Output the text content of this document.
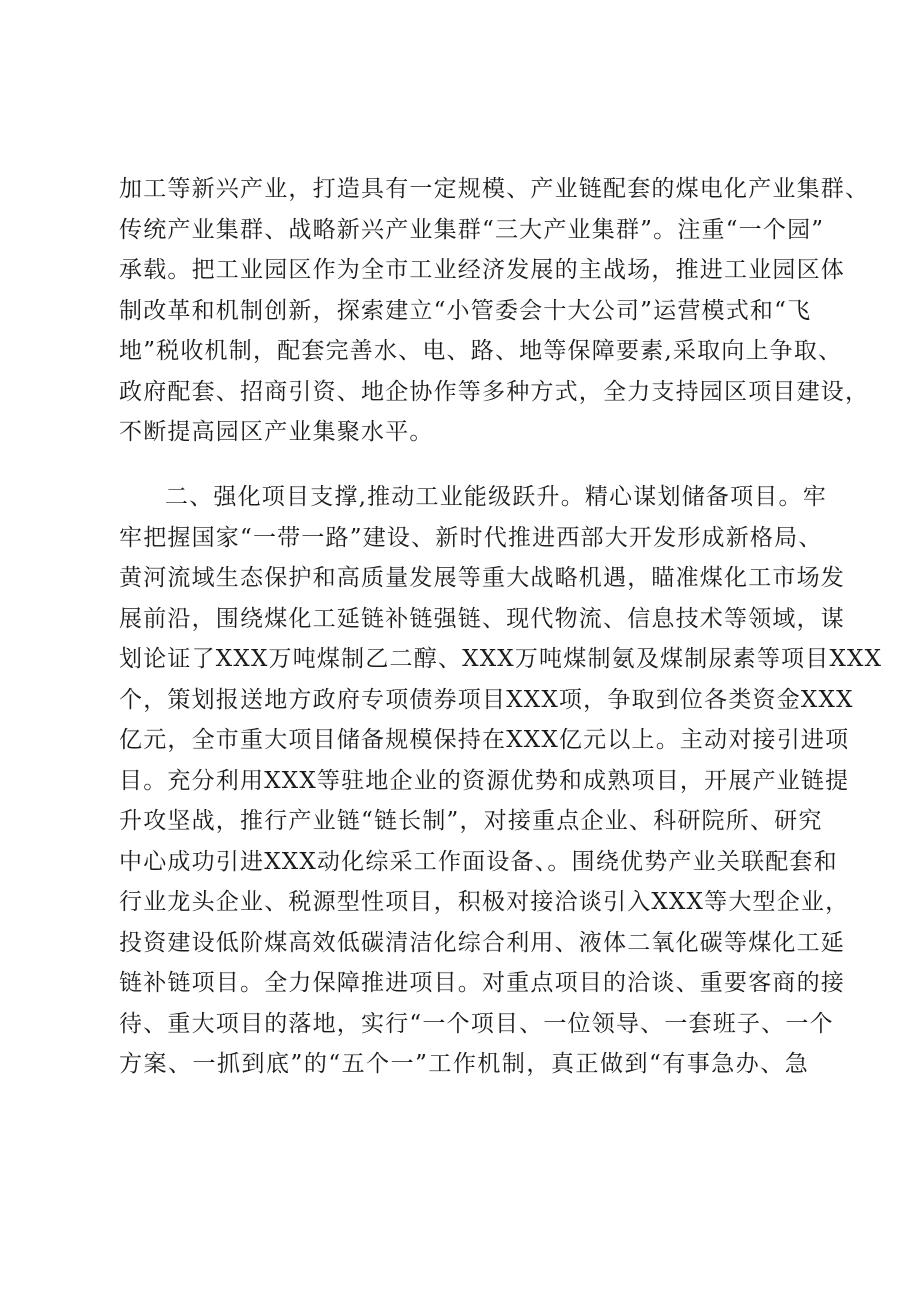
加工等新兴产业，打造具有一定规模、产业链配套的煤电化产业集群、
传统产业集群、战略新兴产业集群“三大产业集群”。注重“一个园”
承载。把工业园区作为全市工业经济发展的主战场，推进工业园区体
制改革和机制创新，探索建立“小管委会十大公司”运营模式和“飞
地”税收机制，配套完善水、电、路、地等保障要素,采取向上争取、
政府配套、招商引资、地企协作等多种方式，全力支持园区项目建设，
不断提高园区产业集聚水平。
二、强化项目支撑,推动工业能级跃升。精心谋划储备项目。牢
牢把握国家“一带一路”建设、新时代推进西部大开发形成新格局、
黄河流域生态保护和高质量发展等重大战略机遇，瞄准煤化工市场发
展前沿，围绕煤化工延链补链强链、现代物流、信息技术等领域，谋
划论证了XXX万吨煤制乙二醇、XXX万吨煤制氨及煤制尿素等项目XXX
个，策划报送地方政府专项债券项目XXX项，争取到位各类资金XXX
亿元，全市重大项目储备规模保持在XXX亿元以上。主动对接引进项
目。充分利用XXX等驻地企业的资源优势和成熟项目，开展产业链提
升攻坚战，推行产业链“链长制”，对接重点企业、科研院所、研究
中心成功引进XXX动化综采工作面设备、。围绕优势产业关联配套和
行业龙头企业、税源型性项目，积极对接洽谈引入XXX等大型企业，
投资建设低阶煤高效低碳清洁化综合利用、液体二氧化碳等煤化工延
链补链项目。全力保障推进项目。对重点项目的洽谈、重要客商的接
待、重大项目的落地，实行“一个项目、一位领导、一套班子、一个
方案、一抓到底”的“五个一”工作机制，真正做到“有事急办、急
